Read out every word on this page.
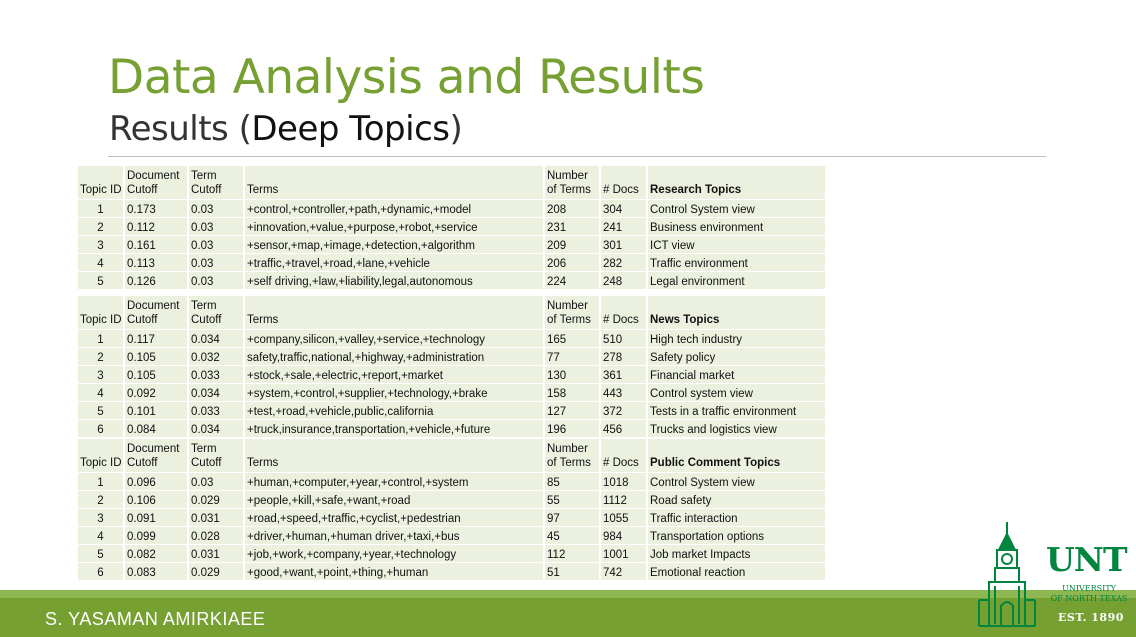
Data Analysis and Results
Results (Deep Topics)
Topic ID	Document Cutoff	Term Cutoff	Terms	Number of Terms	# Docs	Research Topics
1	0.173	0.03	+control,+controller,+path,+dynamic,+model	208	304	Control System view
2	0.112	0.03	+innovation,+value,+purpose,+robot,+service	231	241	Business environment
3	0.161	0.03	+sensor,+map,+image,+detection,+algorithm	209	301	ICT view
4	0.113	0.03	+traffic,+travel,+road,+lane,+vehicle	206	282	Traffic environment
5	0.126	0.03	+self driving,+law,+liability,legal,autonomous	224	248	Legal environment
Topic ID	Document Cutoff	Term Cutoff	Terms	Number of Terms	# Docs	News Topics
1	0.117	0.034	+company,silicon,+valley,+service,+technology	165	510	High tech industry
2	0.105	0.032	safety,traffic,national,+highway,+administration	77	278	Safety policy
3	0.105	0.033	+stock,+sale,+electric,+report,+market	130	361	Financial market
4	0.092	0.034	+system,+control,+supplier,+technology,+brake	158	443	Control system view
5	0.101	0.033	+test,+road,+vehicle,public,california	127	372	Tests in a traffic environment
6	0.084	0.034	+truck,insurance,transportation,+vehicle,+future	196	456	Trucks and logistics view
Topic ID	Document Cutoff	Term Cutoff	Terms	Number of Terms	# Docs	Public Comment Topics
1	0.096	0.03	+human,+computer,+year,+control,+system	85	1018	Control System view
2	0.106	0.029	+people,+kill,+safe,+want,+road	55	1112	Road safety
3	0.091	0.031	+road,+speed,+traffic,+cyclist,+pedestrian	97	1055	Traffic interaction
4	0.099	0.028	+driver,+human,+human driver,+taxi,+bus	45	984	Transportation options
5	0.082	0.031	+job,+work,+company,+year,+technology	112	1001	Job market Impacts
6	0.083	0.029	+good,+want,+point,+thing,+human	51	742	Emotional reaction
S. YASAMAN AMIRKIAEE
UNT
UNIVERSITY
OF NORTH TEXAS
EST. 1890
